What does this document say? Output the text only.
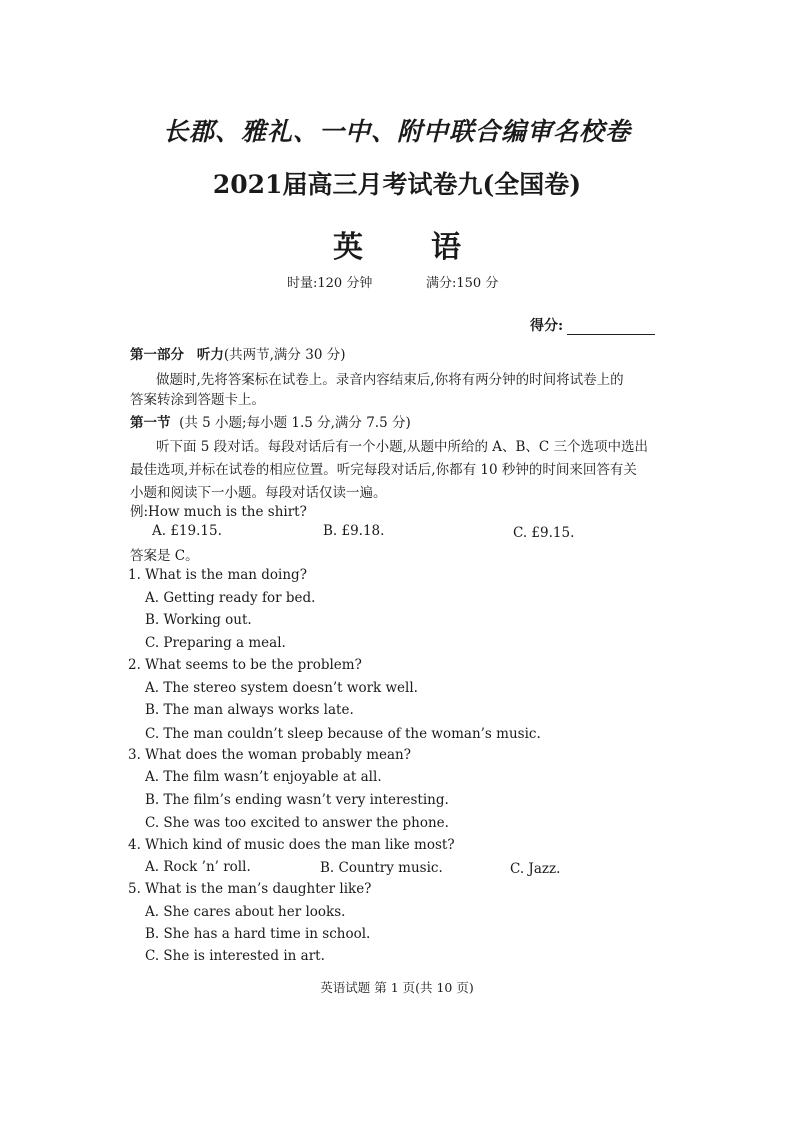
长郡、雅礼、一中、附中联合编审名校卷
2021届高三月考试卷九(全国卷)
英 语
时量:120 分钟	满分:150 分
得分:
第一部分 听力(共两节,满分 30 分)
做题时,先将答案标在试卷上。录音内容结束后,你将有两分钟的时间将试卷上的
答案转涂到答题卡上。
第一节 (共 5 小题;每小题 1.5 分,满分 7.5 分)
听下面 5 段对话。每段对话后有一个小题,从题中所给的 A、B、C 三个选项中选出
最佳选项,并标在试卷的相应位置。听完每段对话后,你都有 10 秒钟的时间来回答有关
小题和阅读下一小题。每段对话仅读一遍。
例:How much is the shirt?
A. £19.15.	B. £9.18.	C. £9.15.
答案是 C。
1. What is the man doing?
A. Getting ready for bed.
B. Working out.
C. Preparing a meal.
2. What seems to be the problem?
A. The stereo system doesn’t work well.
B. The man always works late.
C. The man couldn’t sleep because of the woman’s music.
3. What does the woman probably mean?
A. The film wasn’t enjoyable at all.
B. The film’s ending wasn’t very interesting.
C. She was too excited to answer the phone.
4. Which kind of music does the man like most?
A. Rock ’n’ roll.	B. Country music.	C. Jazz.
5. What is the man’s daughter like?
A. She cares about her looks.
B. She has a hard time in school.
C. She is interested in art.
英语试题 第 1 页(共 10 页)
